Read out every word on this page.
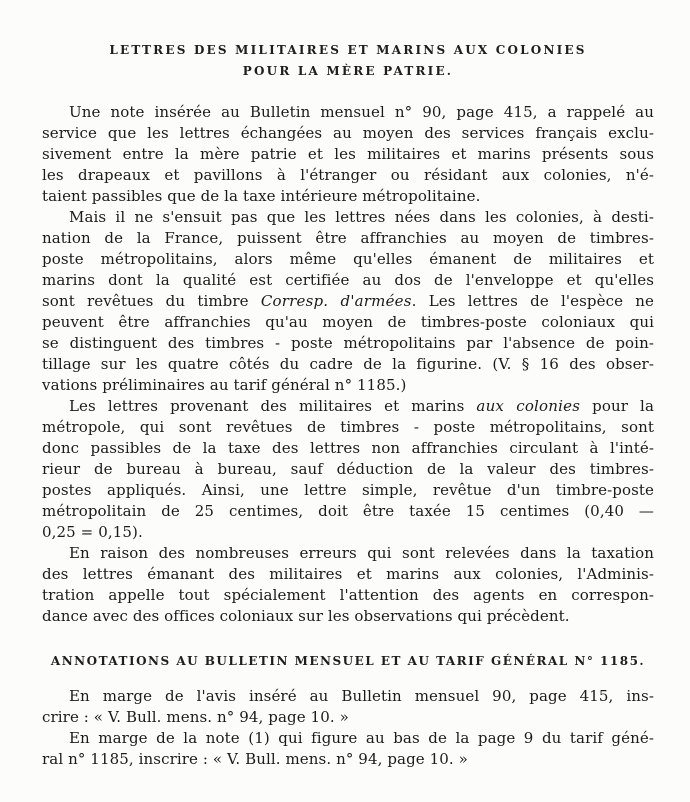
LETTRES DES MILITAIRES ET MARINS AUX COLONIES
POUR LA MÈRE PATRIE.
Une note insérée au Bulletin mensuel n° 90, page 415, a rappelé au
service que les lettres échangées au moyen des services français exclu-
sivement entre la mère patrie et les militaires et marins présents sous
les drapeaux et pavillons à l'étranger ou résidant aux colonies, n'é-
taient passibles que de la taxe intérieure métropolitaine.
Mais il ne s'ensuit pas que les lettres nées dans les colonies, à desti-
nation de la France, puissent être affranchies au moyen de timbres-
poste métropolitains, alors même qu'elles émanent de militaires et
marins dont la qualité est certifiée au dos de l'enveloppe et qu'elles
sont revêtues du timbre Corresp. d'armées. Les lettres de l'espèce ne
peuvent être affranchies qu'au moyen de timbres-poste coloniaux qui
se distinguent des timbres - poste métropolitains par l'absence de poin-
tillage sur les quatre côtés du cadre de la figurine. (V. § 16 des obser-
vations préliminaires au tarif général n° 1185.)
Les lettres provenant des militaires et marins aux colonies pour la
métropole, qui sont revêtues de timbres - poste métropolitains, sont
donc passibles de la taxe des lettres non affranchies circulant à l'inté-
rieur de bureau à bureau, sauf déduction de la valeur des timbres-
postes appliqués. Ainsi, une lettre simple, revêtue d'un timbre-poste
métropolitain de 25 centimes, doit être taxée 15 centimes (0,40 —
0,25 = 0,15).
En raison des nombreuses erreurs qui sont relevées dans la taxation
des lettres émanant des militaires et marins aux colonies, l'Adminis-
tration appelle tout spécialement l'attention des agents en correspon-
dance avec des offices coloniaux sur les observations qui précèdent.
ANNOTATIONS AU BULLETIN MENSUEL ET AU TARIF GÉNÉRAL N° 1185.
En marge de l'avis inséré au Bulletin mensuel 90, page 415, ins-
crire : « V. Bull. mens. n° 94, page 10. »
En marge de la note (1) qui figure au bas de la page 9 du tarif géné-
ral n° 1185, inscrire : « V. Bull. mens. n° 94, page 10. »
